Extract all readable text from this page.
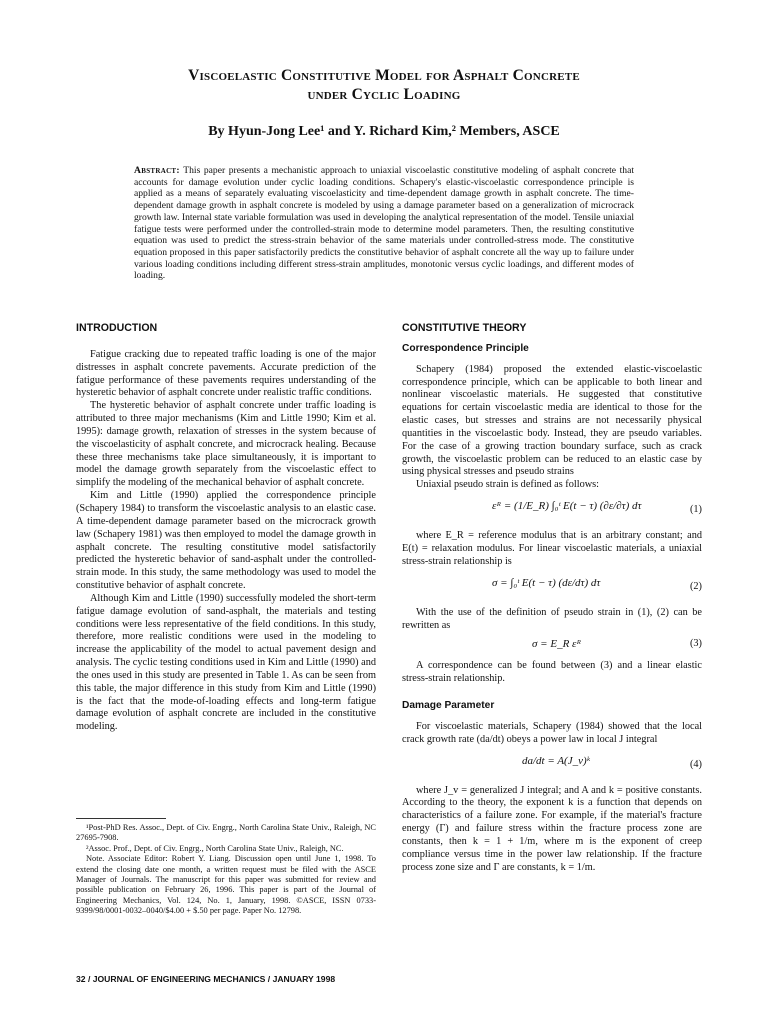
Viscoelastic Constitutive Model for Asphalt Concrete
under Cyclic Loading
By Hyun-Jong Lee¹ and Y. Richard Kim,² Members, ASCE
Abstract: This paper presents a mechanistic approach to uniaxial viscoelastic constitutive modeling of asphalt concrete that accounts for damage evolution under cyclic loading conditions. Schapery's elastic-viscoelastic correspondence principle is applied as a means of separately evaluating viscoelasticity and time-dependent damage growth in asphalt concrete. The time-dependent damage growth in asphalt concrete is modeled by using a damage parameter based on a generalization of microcrack growth law. Internal state variable formulation was used in developing the analytical representation of the model. Tensile uniaxial fatigue tests were performed under the controlled-strain mode to determine model parameters. Then, the resulting constitutive equation was used to predict the stress-strain behavior of the same materials under controlled-stress mode. The constitutive equation proposed in this paper satisfactorily predicts the constitutive behavior of asphalt concrete all the way up to failure under various loading conditions including different stress-strain amplitudes, monotonic versus cyclic loadings, and different modes of loading.
INTRODUCTION

Fatigue cracking due to repeated traffic loading is one of the major distresses in asphalt concrete pavements. Accurate prediction of the fatigue performance of these pavements requires understanding of the hysteretic behavior of asphalt concrete under realistic traffic conditions.

The hysteretic behavior of asphalt concrete under traffic loading is attributed to three major mechanisms (Kim and Little 1990; Kim et al. 1995): damage growth, relaxation of stresses in the system because of the viscoelasticity of asphalt concrete, and microcrack healing. Because these three mechanisms take place simultaneously, it is important to model the damage growth separately from the viscoelastic effect to simplify the modeling of the mechanical behavior of asphalt concrete.

Kim and Little (1990) applied the correspondence principle (Schapery 1984) to transform the viscoelastic analysis to an elastic case. A time-dependent damage parameter based on the microcrack growth law (Schapery 1981) was then employed to model the damage growth in asphalt concrete. The resulting constitutive model satisfactorily predicted the hysteretic behavior of sand-asphalt under the controlled-strain mode. In this study, the same methodology was used to model the constitutive behavior of asphalt concrete.

Although Kim and Little (1990) successfully modeled the short-term fatigue damage evolution of sand-asphalt, the materials and testing conditions were less representative of the field conditions. In this study, therefore, more realistic conditions were used in the modeling to increase the applicability of the model to actual pavement design and analysis. The cyclic testing conditions used in Kim and Little (1990) and the ones used in this study are presented in Table 1. As can be seen from this table, the major difference in this study from Kim and Little (1990) is the fact that the mode-of-loading effects and long-term fatigue damage evolution of asphalt concrete are included in the constitutive modeling.

¹Post-PhD Res. Assoc., Dept. of Civ. Engrg., North Carolina State Univ., Raleigh, NC 27695-7908.

²Assoc. Prof., Dept. of Civ. Engrg., North Carolina State Univ., Raleigh, NC.

Note. Associate Editor: Robert Y. Liang. Discussion open until June 1, 1998. To extend the closing date one month, a written request must be filed with the ASCE Manager of Journals. The manuscript for this paper was submitted for review and possible publication on February 26, 1996. This paper is part of the Journal of Engineering Mechanics, Vol. 124, No. 1, January, 1998. ©ASCE, ISSN 0733-9399/98/0001-0032–0040/$4.00 + $.50 per page. Paper No. 12798.

CONSTITUTIVE THEORY
Correspondence Principle

Schapery (1984) proposed the extended elastic-viscoelastic correspondence principle, which can be applicable to both linear and nonlinear viscoelastic materials. He suggested that constitutive equations for certain viscoelastic media are identical to those for the elastic cases, but stresses and strains are not necessarily physical quantities in the viscoelastic body. Instead, they are pseudo variables. For the case of a growing traction boundary surface, such as crack growth, the viscoelastic problem can be reduced to an elastic case by using physical stresses and pseudo strains

Uniaxial pseudo strain is defined as follows:

εᴿ = (1/E_R) ∫₀ᵗ E(t − τ) (∂ε/∂τ) dτ	(1)

where E_R = reference modulus that is an arbitrary constant; and E(t) = relaxation modulus. For linear viscoelastic materials, a uniaxial stress-strain relationship is

σ = ∫₀ᵗ E(t − τ) (dε/dτ) dτ	(2)

With the use of the definition of pseudo strain in (1), (2) can be rewritten as

σ = E_R εᴿ	(3)

A correspondence can be found between (3) and a linear elastic stress-strain relationship.

Damage Parameter

For viscoelastic materials, Schapery (1984) showed that the local crack growth rate (da/dt) obeys a power law in local J integral

da/dt = A(J_v)ᵏ	(4)

where J_v = generalized J integral; and A and k = positive constants. According to the theory, the exponent k is a function that depends on characteristics of a failure zone. For example, if the material's fracture energy (Γ) and failure stress within the fracture process zone are constants, then k = 1 + 1/m, where m is the exponent of creep compliance versus time in the power law relationship. If the fracture process zone size and Γ are constants, k = 1/m.

32 / JOURNAL OF ENGINEERING MECHANICS / JANUARY 1998
